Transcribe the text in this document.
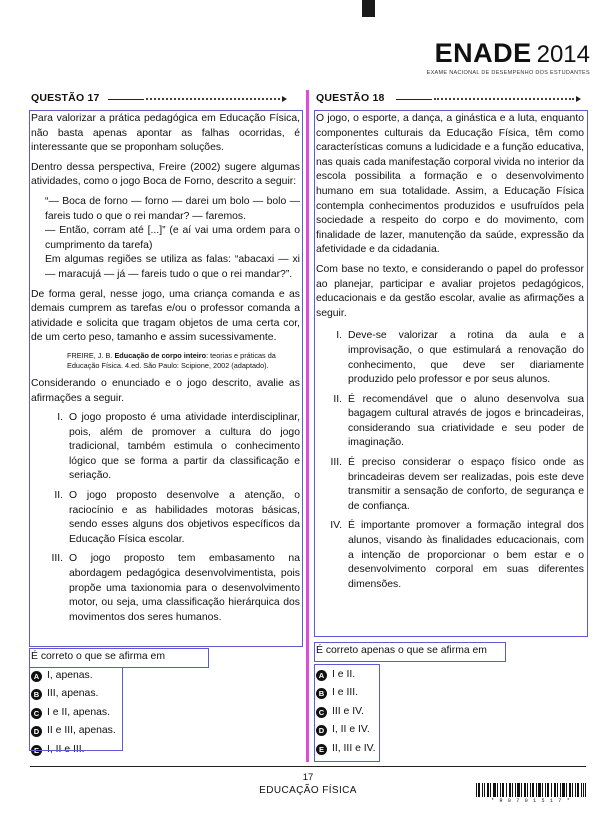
ENADE 2014
EXAME NACIONAL DE DESEMPENHO DOS ESTUDANTES
QUESTÃO 17

Para valorizar a prática pedagógica em Educação Física, não basta apenas apontar as falhas ocorridas, é interessante que se proponham soluções.

Dentro dessa perspectiva, Freire (2002) sugere algumas atividades, como o jogo Boca de Forno, descrito a seguir:

“— Boca de forno — forno — darei um bolo — bolo — fareis tudo o que o rei mandar? — faremos.
— Então, corram até [...]” (e aí vai uma ordem para o cumprimento da tarefa)
Em algumas regiões se utiliza as falas: “abacaxi — xi — maracujá — já — fareis tudo o que o rei mandar?”.

De forma geral, nesse jogo, uma criança comanda e as demais cumprem as tarefas e/ou o professor comanda a atividade e solicita que tragam objetos de uma certa cor, de um certo peso, tamanho e assim sucessivamente.

FREIRE, J. B. Educação de corpo inteiro: teorias e práticas da Educação Física. 4.ed. São Paulo: Scipione, 2002 (adaptado).

Considerando o enunciado e o jogo descrito, avalie as afirmações a seguir.

I. O jogo proposto é uma atividade interdisciplinar, pois, além de promover a cultura do jogo tradicional, também estimula o conhecimento lógico que se forma a partir da classificação e seriação.
II. O jogo proposto desenvolve a atenção, o raciocínio e as habilidades motoras básicas, sendo esses alguns dos objetivos específicos da Educação Física escolar.
III. O jogo proposto tem embasamento na abordagem pedagógica desenvolvimentista, pois propõe uma taxionomia para o desenvolvimento motor, ou seja, uma classificação hierárquica dos movimentos dos seres humanos.
É correto o que se afirma em
A I, apenas.
B III, apenas.
C I e II, apenas.
D II e III, apenas.
E I, II e III.
QUESTÃO 18

O jogo, o esporte, a dança, a ginástica e a luta, enquanto componentes culturais da Educação Física, têm como características comuns a ludicidade e a função educativa, nas quais cada manifestação corporal vivida no interior da escola possibilita a formação e o desenvolvimento humano em sua totalidade. Assim, a Educação Física contempla conhecimentos produzidos e usufruídos pela sociedade a respeito do corpo e do movimento, com finalidade de lazer, manutenção da saúde, expressão da afetividade e da cidadania.

Com base no texto, e considerando o papel do professor ao planejar, participar e avaliar projetos pedagógicos, educacionais e da gestão escolar, avalie as afirmações a seguir.

I. Deve-se valorizar a rotina da aula e a improvisação, o que estimulará a renovação do conhecimento, que deve ser diariamente produzido pelo professor e por seus alunos.
II. É recomendável que o aluno desenvolva sua bagagem cultural através de jogos e brincadeiras, considerando sua criatividade e seu poder de imaginação.
III. É preciso considerar o espaço físico onde as brincadeiras devem ser realizadas, pois este deve transmitir a sensação de conforto, de segurança e de confiança.
IV. É importante promover a formação integral dos alunos, visando às finalidades educacionais, com a intenção de proporcionar o bem estar e o desenvolvimento corporal em suas diferentes dimensões.
É correto apenas o que se afirma em
A I e II.
B I e III.
C III e IV.
D I, II e IV.
E II, III e IV.
17
EDUCAÇÃO FÍSICA
* R 0 7 0 1 5 1 7 *
